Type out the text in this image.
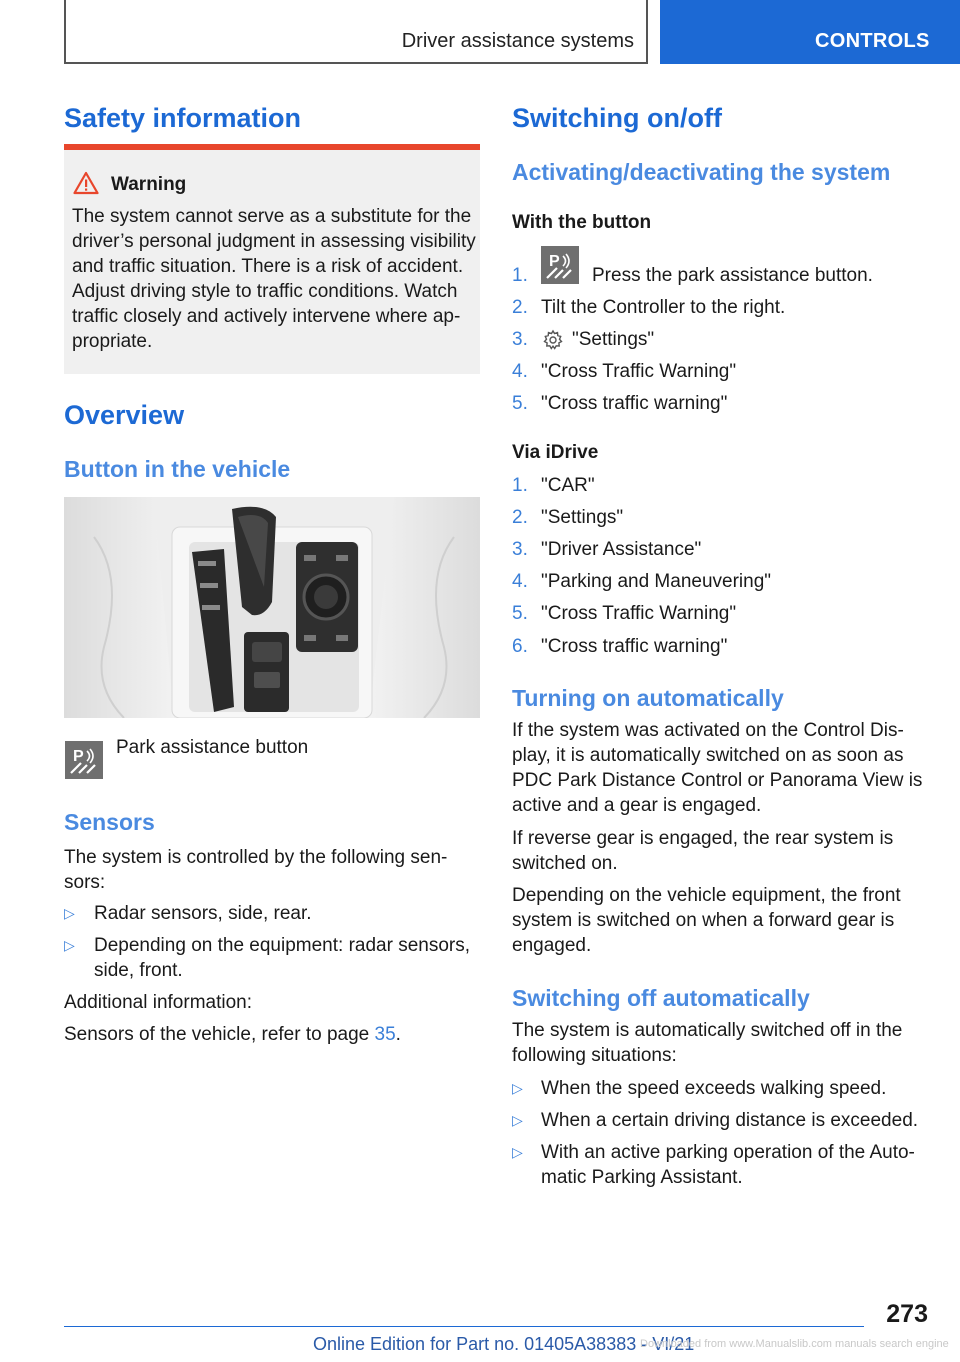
Driver assistance systems	CONTROLS
Safety information
Warning
The system cannot serve as a substitute for the
driver’s personal judgment in assessing visibility
and traffic situation. There is a risk of accident.
Adjust driving style to traffic conditions. Watch
traffic closely and actively intervene where ap-
propriate.
Overview
Button in the vehicle
P Park assistance button
Sensors
The system is controlled by the following sen-
sors:
▷ Radar sensors, side, rear.
▷ Depending on the equipment: radar sensors,
side, front.
Additional information:
Sensors of the vehicle, refer to page 35.
Switching on/off
Activating/deactivating the system
With the button
1.
P
Press the park assistance button.
2. Tilt the Controller to the right.
3. "Settings"
4. "Cross Traffic Warning"
5. "Cross traffic warning"
Via iDrive
1. "CAR"
2. "Settings"
3. "Driver Assistance"
4. "Parking and Maneuvering"
5. "Cross Traffic Warning"
6. "Cross traffic warning"
Turning on automatically
If the system was activated on the Control Dis-
play, it is automatically switched on as soon as
PDC Park Distance Control or Panorama View is
active and a gear is engaged.
If reverse gear is engaged, the rear system is
switched on.
Depending on the vehicle equipment, the front
system is switched on when a forward gear is
engaged.
Switching off automatically
The system is automatically switched off in the
following situations:
▷ When the speed exceeds walking speed.
▷ When a certain driving distance is exceeded.
▷ With an active parking operation of the Auto-
matic Parking Assistant.
273
Online Edition for Part no. 01405A38383 - VI/21
Downloaded from www.Manualslib.com manuals search engine
